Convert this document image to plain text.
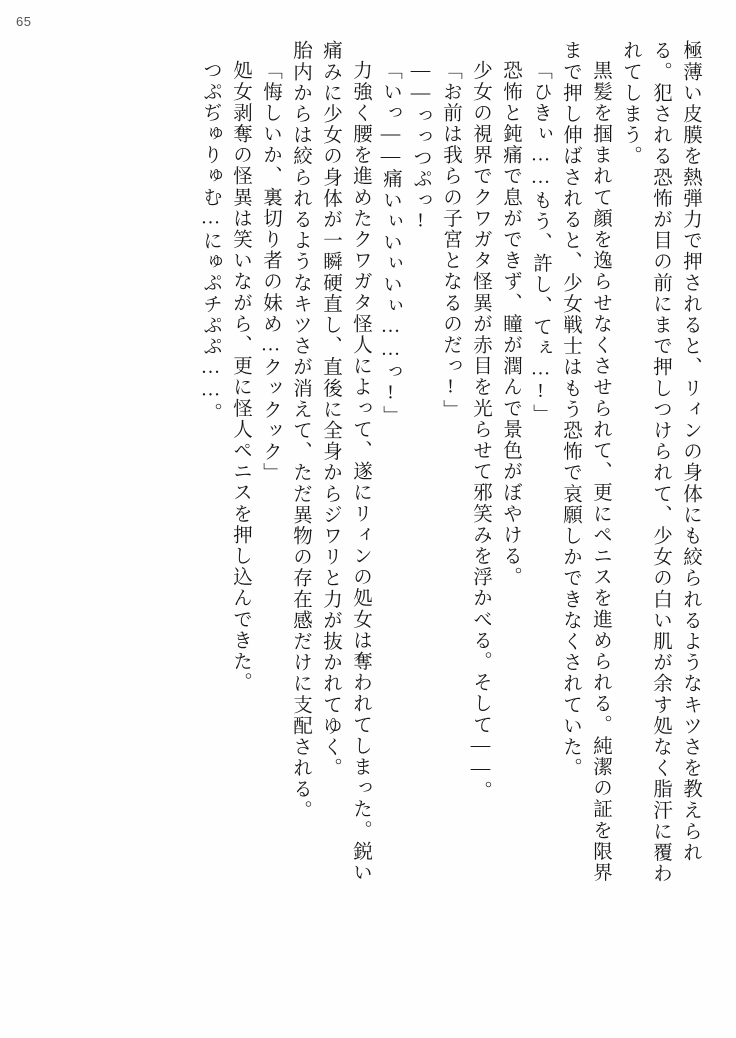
65
極薄い皮膜を熱弾力で押されると、リィンの身体にも絞られるようなキツさを教えられ
る。犯される恐怖が目の前にまで押しつけられて、少女の白い肌が余す処なく脂汗に覆わ
れてしまう。
黒髪を掴まれて顔を逸らせなくさせられて、更にペニスを進められる。純潔の証を限界
まで押し伸ばされると、少女戦士はもう恐怖で哀願しかできなくされていた。
「ひきぃ……もう、許し、てぇ…!」
恐怖と鈍痛で息ができず、瞳が潤んで景色がぼやける。
少女の視界でクワガタ怪異が赤目を光らせて邪笑みを浮かべる。そして――。
「お前は我らの子宮となるのだっ!」
――っっつぷっ!
「いっ――痛いぃいぃいぃ……っ!」
力強く腰を進めたクワガタ怪人によって、遂にリィンの処女は奪われてしまった。鋭い
痛みに少女の身体が一瞬硬直し、直後に全身からジワリと力が抜かれてゆく。
胎内からは絞られるようなキツさが消えて、ただ異物の存在感だけに支配される。
「悔しいか、裏切り者の妹め…クックック」
処女剥奪の怪異は笑いながら、更に怪人ペニスを押し込んできた。
つぷぢゅりゅむ…にゅぷチぷぷ……。
